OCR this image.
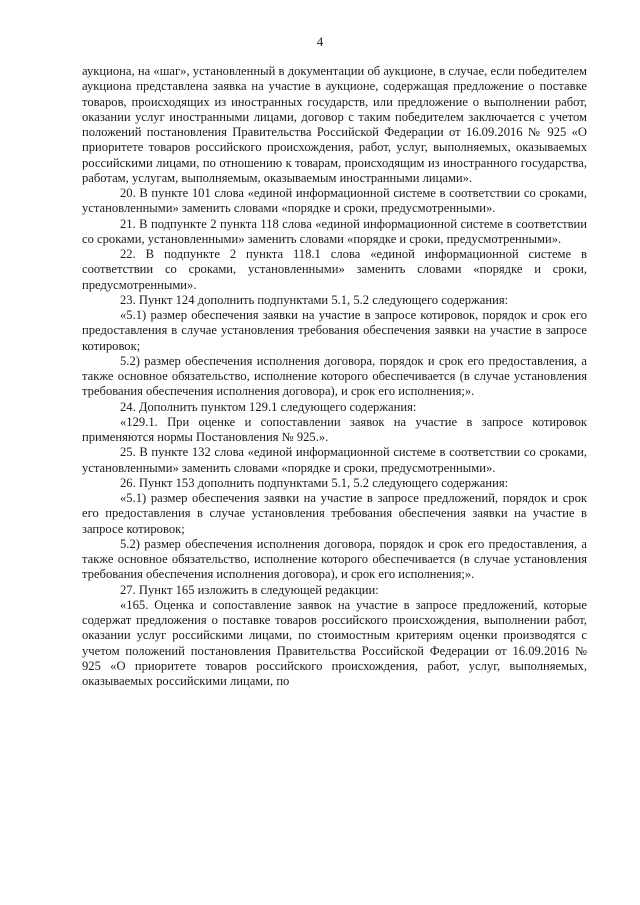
4

аукциона, на «шаг», установленный в документации об аукционе, в случае, если победителем аукциона представлена заявка на участие в аукционе, содержащая предложение о поставке товаров, происходящих из иностранных государств, или предложение о выполнении работ, оказании услуг иностранными лицами, договор с таким победителем заключается с учетом положений постановления Правительства Российской Федерации от 16.09.2016 № 925 «О приоритете товаров российского происхождения, работ, услуг, выполняемых, оказываемых российскими лицами, по отношению к товарам, происходящим из иностранного государства, работам, услугам, выполняемым, оказываемым иностранными лицами».

20. В пункте 101 слова «единой информационной системе в соответствии со сроками, установленными» заменить словами «порядке и сроки, предусмотренными».

21. В подпункте 2 пункта 118 слова «единой информационной системе в соответствии со сроками, установленными» заменить словами «порядке и сроки, предусмотренными».

22. В подпункте 2 пункта 118.1 слова «единой информационной системе в соответствии со сроками, установленными» заменить словами «порядке и сроки, предусмотренными».

23. Пункт 124 дополнить подпунктами 5.1, 5.2 следующего содержания:

«5.1) размер обеспечения заявки на участие в запросе котировок, порядок и срок его предоставления в случае установления требования обеспечения заявки на участие в запросе котировок;

5.2) размер обеспечения исполнения договора, порядок и срок его предоставления, а также основное обязательство, исполнение которого обеспечивается (в случае установления требования обеспечения исполнения договора), и срок его исполнения;».

24. Дополнить пунктом 129.1 следующего содержания:

«129.1. При оценке и сопоставлении заявок на участие в запросе котировок применяются нормы Постановления № 925.».

25. В пункте 132 слова «единой информационной системе в соответствии со сроками, установленными» заменить словами «порядке и сроки, предусмотренными».

26. Пункт 153 дополнить подпунктами 5.1, 5.2 следующего содержания:

«5.1) размер обеспечения заявки на участие в запросе предложений, порядок и срок его предоставления в случае установления требования обеспечения заявки на участие в запросе котировок;

5.2) размер обеспечения исполнения договора, порядок и срок его предоставления, а также основное обязательство, исполнение которого обеспечивается (в случае установления требования обеспечения исполнения договора), и срок его исполнения;».

27. Пункт 165 изложить в следующей редакции:

«165. Оценка и сопоставление заявок на участие в запросе предложений, которые содержат предложения о поставке товаров российского происхождения, выполнении работ, оказании услуг российскими лицами, по стоимостным критериям оценки производятся с учетом положений постановления Правительства Российской Федерации от 16.09.2016 № 925 «О приоритете товаров российского происхождения, работ, услуг, выполняемых, оказываемых российскими лицами, по
